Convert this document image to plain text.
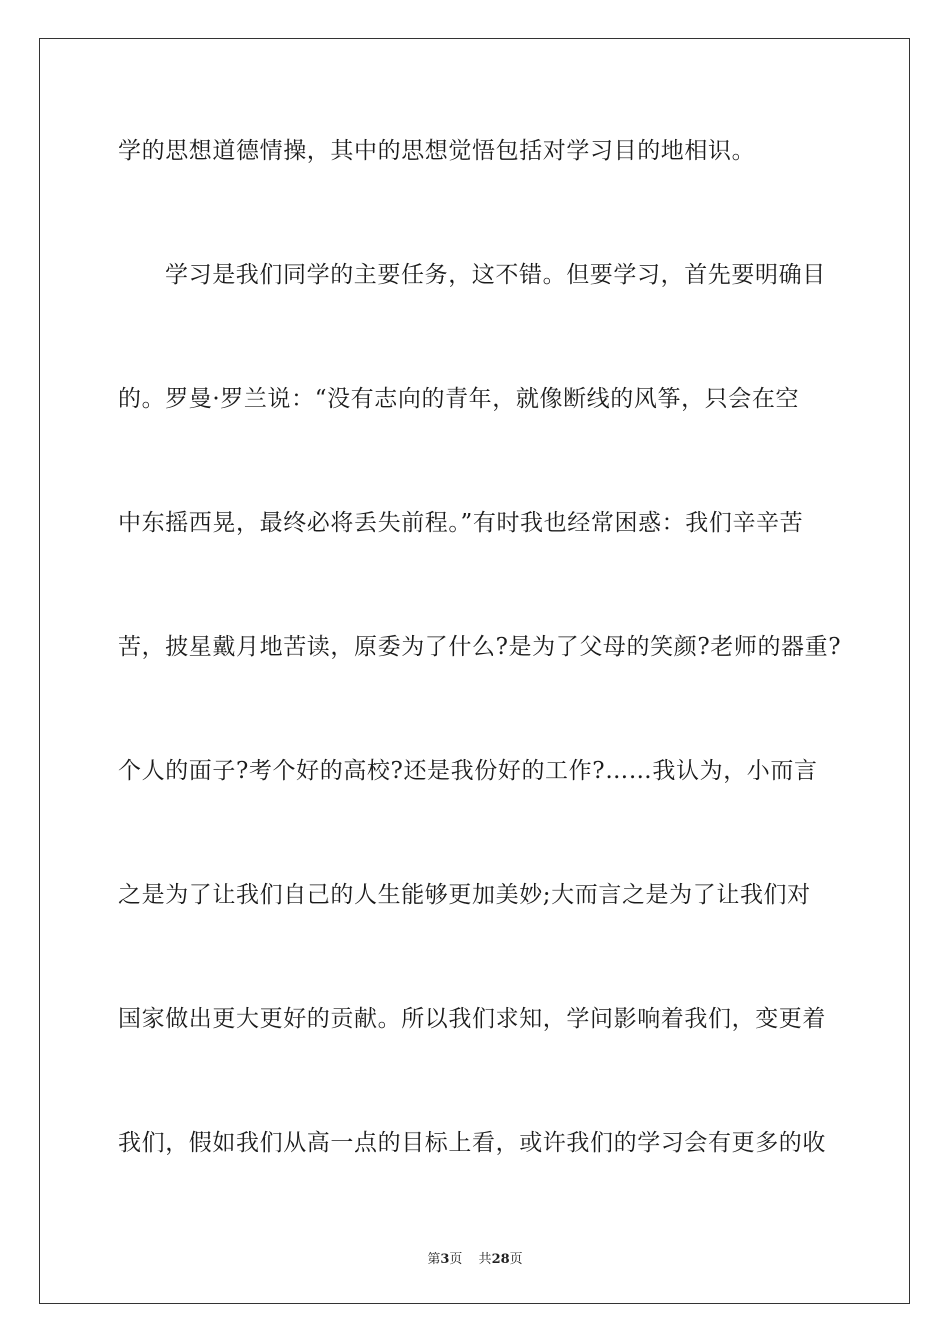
学的思想道德情操，其中的思想觉悟包括对学习目的地相识。

学习是我们同学的主要任务，这不错。但要学习，首先要明确目

的。罗曼·罗兰说：“没有志向的青年，就像断线的风筝，只会在空

中东摇西晃，最终必将丢失前程。”有时我也经常困惑：我们辛辛苦

苦，披星戴月地苦读，原委为了什么?是为了父母的笑颜?老师的器重?

个人的面子?考个好的高校?还是我份好的工作?……我认为，小而言

之是为了让我们自己的人生能够更加美妙;大而言之是为了让我们对

国家做出更大更好的贡献。所以我们求知，学问影响着我们，变更着

我们，假如我们从高一点的目标上看，或许我们的学习会有更多的收

第3页 共28页
